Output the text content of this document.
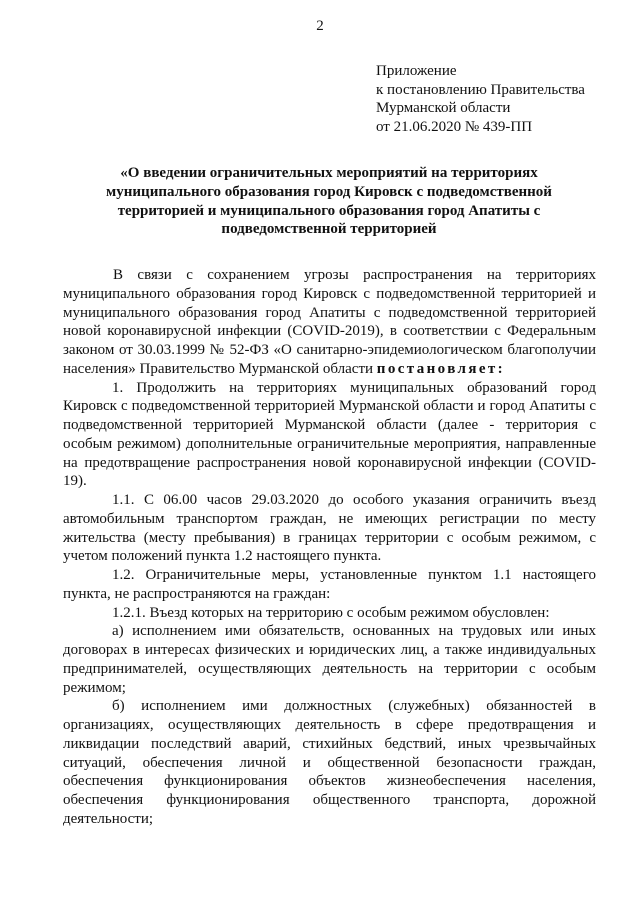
2
Приложение
к постановлению Правительства
Мурманской области
от 21.06.2020 № 439-ПП
«О введении ограничительных мероприятий на территориях
муниципального образования город Кировск с подведомственной
территорией и муниципального образования город Апатиты с
подведомственной территорией

В связи с сохранением угрозы распространения на территориях муниципального образования город Кировск с подведомственной территорией и муниципального образования город Апатиты с подведомственной территорией новой коронавирусной инфекции (COVID-2019), в соответствии с Федеральным законом от 30.03.1999 № 52-ФЗ «О санитарно-эпидемиологическом благополучии населения» Правительство Мурманской области постановляет:

1. Продолжить на территориях муниципальных образований город Кировск с подведомственной территорией Мурманской области и город Апатиты с подведомственной территорией Мурманской области (далее - территория с особым режимом) дополнительные ограничительные мероприятия, направленные на предотвращение распространения новой коронавирусной инфекции (COVID-19).

1.1. С 06.00 часов 29.03.2020 до особого указания ограничить въезд автомобильным транспортом граждан, не имеющих регистрации по месту жительства (месту пребывания) в границах территории с особым режимом, с учетом положений пункта 1.2 настоящего пункта.

1.2. Ограничительные меры, установленные пунктом 1.1 настоящего пункта, не распространяются на граждан:

1.2.1. Въезд которых на территорию с особым режимом обусловлен:

а) исполнением ими обязательств, основанных на трудовых или иных договорах в интересах физических и юридических лиц, а также индивидуальных предпринимателей, осуществляющих деятельность на территории с особым режимом;

б) исполнением ими должностных (служебных) обязанностей в организациях, осуществляющих деятельность в сфере предотвращения и ликвидации последствий аварий, стихийных бедствий, иных чрезвычайных ситуаций, обеспечения личной и общественной безопасности граждан, обеспечения функционирования объектов жизнеобеспечения населения, обеспечения функционирования общественного транспорта, дорожной деятельности;
